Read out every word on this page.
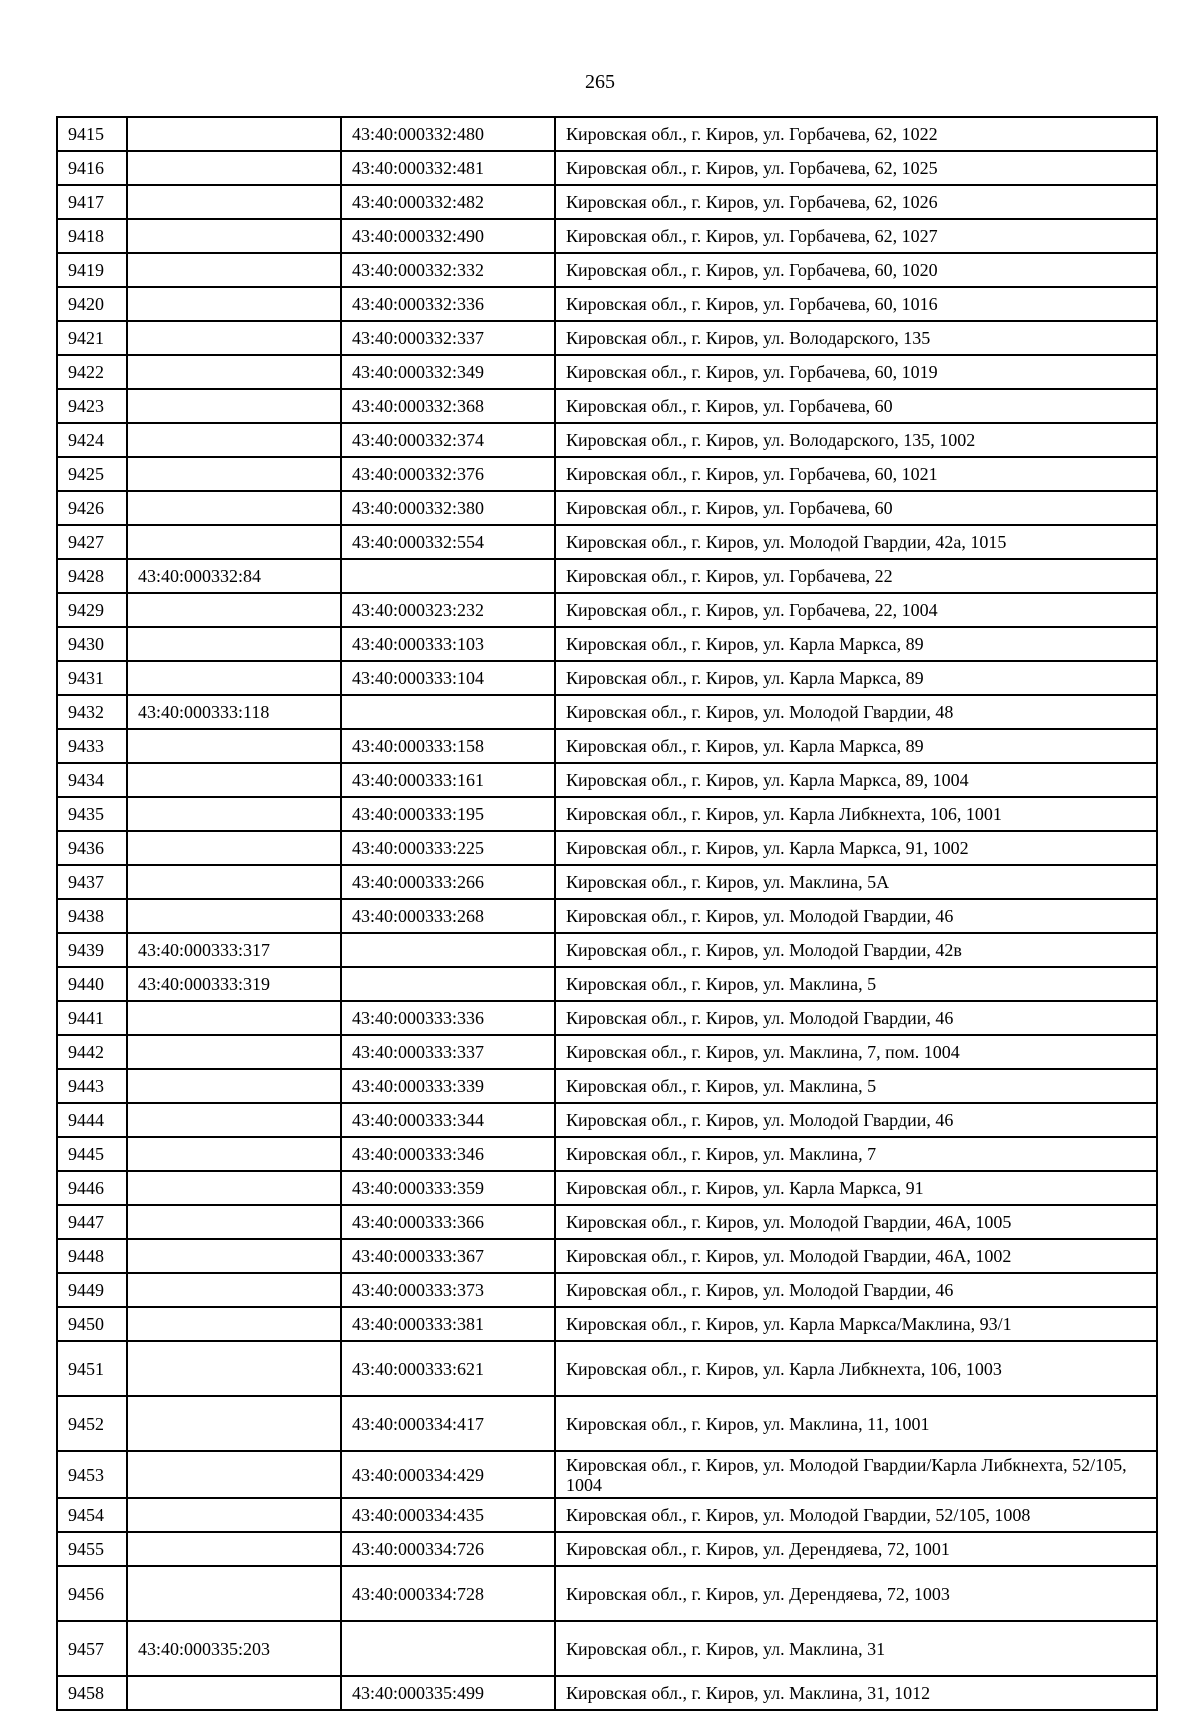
265
9415		43:40:000332:480	Кировская обл., г. Киров, ул. Горбачева, 62, 1022
9416		43:40:000332:481	Кировская обл., г. Киров, ул. Горбачева, 62, 1025
9417		43:40:000332:482	Кировская обл., г. Киров, ул. Горбачева, 62, 1026
9418		43:40:000332:490	Кировская обл., г. Киров, ул. Горбачева, 62, 1027
9419		43:40:000332:332	Кировская обл., г. Киров, ул. Горбачева, 60, 1020
9420		43:40:000332:336	Кировская обл., г. Киров, ул. Горбачева, 60, 1016
9421		43:40:000332:337	Кировская обл., г. Киров, ул. Володарского, 135
9422		43:40:000332:349	Кировская обл., г. Киров, ул. Горбачева, 60, 1019
9423		43:40:000332:368	Кировская обл., г. Киров, ул. Горбачева, 60
9424		43:40:000332:374	Кировская обл., г. Киров, ул. Володарского, 135, 1002
9425		43:40:000332:376	Кировская обл., г. Киров, ул. Горбачева, 60, 1021
9426		43:40:000332:380	Кировская обл., г. Киров, ул. Горбачева, 60
9427		43:40:000332:554	Кировская обл., г. Киров, ул. Молодой Гвардии, 42а, 1015
9428	43:40:000332:84		Кировская обл., г. Киров, ул. Горбачева, 22
9429		43:40:000323:232	Кировская обл., г. Киров, ул. Горбачева, 22, 1004
9430		43:40:000333:103	Кировская обл., г. Киров, ул. Карла Маркса, 89
9431		43:40:000333:104	Кировская обл., г. Киров, ул. Карла Маркса, 89
9432	43:40:000333:118		Кировская обл., г. Киров, ул. Молодой Гвардии, 48
9433		43:40:000333:158	Кировская обл., г. Киров, ул. Карла Маркса, 89
9434		43:40:000333:161	Кировская обл., г. Киров, ул. Карла Маркса, 89, 1004
9435		43:40:000333:195	Кировская обл., г. Киров, ул. Карла Либкнехта, 106, 1001
9436		43:40:000333:225	Кировская обл., г. Киров, ул. Карла Маркса, 91, 1002
9437		43:40:000333:266	Кировская обл., г. Киров, ул. Маклина, 5А
9438		43:40:000333:268	Кировская обл., г. Киров, ул. Молодой Гвардии, 46
9439	43:40:000333:317		Кировская обл., г. Киров, ул. Молодой Гвардии, 42в
9440	43:40:000333:319		Кировская обл., г. Киров, ул. Маклина, 5
9441		43:40:000333:336	Кировская обл., г. Киров, ул. Молодой Гвардии, 46
9442		43:40:000333:337	Кировская обл., г. Киров, ул. Маклина, 7, пом. 1004
9443		43:40:000333:339	Кировская обл., г. Киров, ул. Маклина, 5
9444		43:40:000333:344	Кировская обл., г. Киров, ул. Молодой Гвардии, 46
9445		43:40:000333:346	Кировская обл., г. Киров, ул. Маклина, 7
9446		43:40:000333:359	Кировская обл., г. Киров, ул. Карла Маркса, 91
9447		43:40:000333:366	Кировская обл., г. Киров, ул. Молодой Гвардии, 46А, 1005
9448		43:40:000333:367	Кировская обл., г. Киров, ул. Молодой Гвардии, 46А, 1002
9449		43:40:000333:373	Кировская обл., г. Киров, ул. Молодой Гвардии, 46
9450		43:40:000333:381	Кировская обл., г. Киров, ул. Карла Маркса/Маклина, 93/1
9451		43:40:000333:621	Кировская обл., г. Киров, ул. Карла Либкнехта, 106, 1003
9452		43:40:000334:417	Кировская обл., г. Киров, ул. Маклина, 11, 1001
9453		43:40:000334:429	Кировская обл., г. Киров, ул. Молодой Гвардии/Карла Либкнехта, 52/105, 1004
9454		43:40:000334:435	Кировская обл., г. Киров, ул. Молодой Гвардии, 52/105, 1008
9455		43:40:000334:726	Кировская обл., г. Киров, ул. Дерендяева, 72, 1001
9456		43:40:000334:728	Кировская обл., г. Киров, ул. Дерендяева, 72, 1003
9457	43:40:000335:203		Кировская обл., г. Киров, ул. Маклина, 31
9458		43:40:000335:499	Кировская обл., г. Киров, ул. Маклина, 31, 1012
